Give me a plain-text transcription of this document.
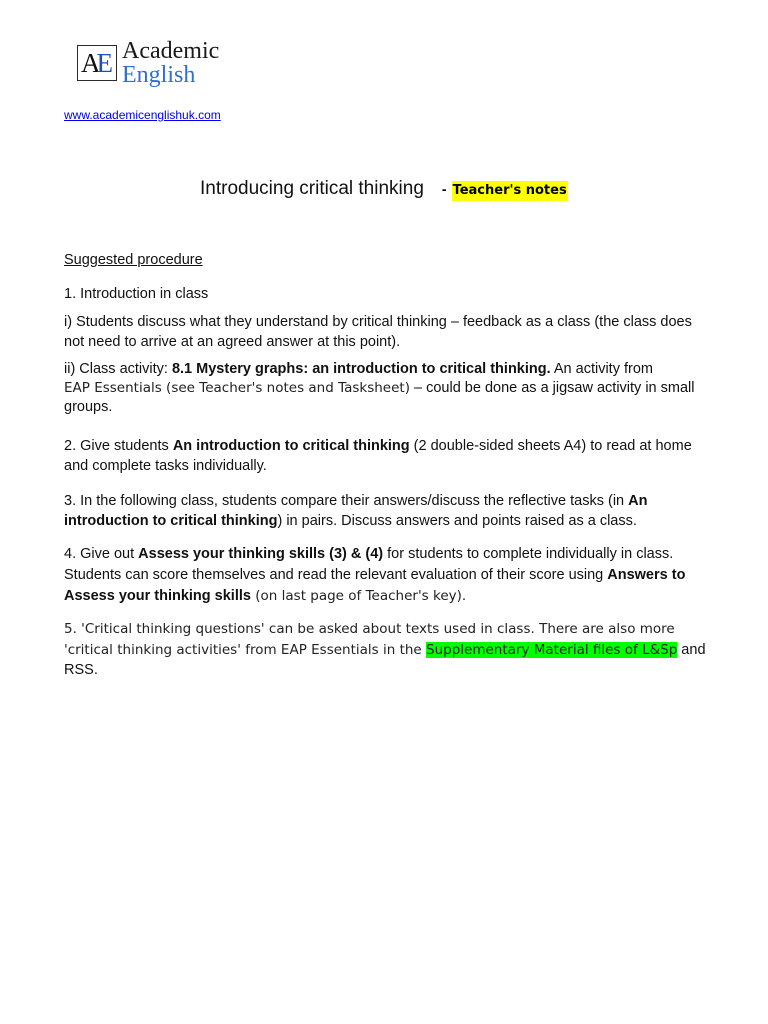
A E Academic
English
www.academicenglishuk.com
Introducing critical thinking - Teacher's notes
Suggested procedure
1. Introduction in class
i) Students discuss what they understand by critical thinking – feedback as a class (the class does not need to arrive at an agreed answer at this point).
ii) Class activity: 8.1 Mystery graphs: an introduction to critical thinking. An activity from
EAP Essentials (see Teacher's notes and Tasksheet) – could be done as a jigsaw activity in small groups.
2. Give students An introduction to critical thinking (2 double-sided sheets A4) to read at home and complete tasks individually.
3. In the following class, students compare their answers/discuss the reflective tasks (in An introduction to critical thinking) in pairs. Discuss answers and points raised as a class.
4. Give out Assess your thinking skills (3) & (4) for students to complete individually in class. Students can score themselves and read the relevant evaluation of their score using Answers to Assess your thinking skills (on last page of Teacher's key).
5. 'Critical thinking questions' can be asked about texts used in class. There are also more 'critical thinking activities' from EAP Essentials in the Supplementary Material files of L&Sp and RSS.
